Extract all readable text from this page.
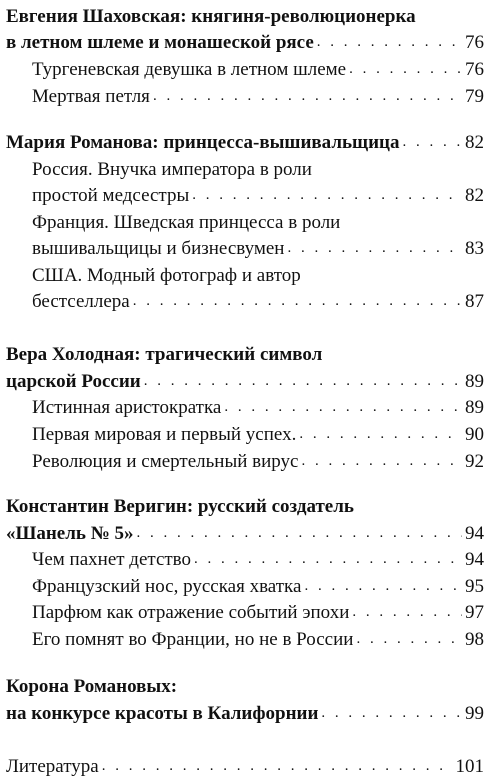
Евгения Шаховская: княгиня-революционерка
в летном шлеме и монашеской рясе . . .	76
Тургеневская девушка в летном шлеме . . .	76
Мертвая петля . . .	79
Мария Романова: принцесса-вышивальщица . . .	82
Россия. Внучка императора в роли
простой медсестры . . .	82
Франция. Шведская принцесса в роли
вышивальщицы и бизнесвумен . . .	83
США. Модный фотограф и автор
бестселлера . . .	87
Вера Холодная: трагический символ
царской России . . .	89
Истинная аристократка . . .	89
Первая мировая и первый успех. . . .	90
Революция и смертельный вирус . . .	92
Константин Веригин: русский создатель
«Шанель № 5» . . .	94
Чем пахнет детство . . .	94
Французский нос, русская хватка . . .	95
Парфюм как отражение событий эпохи . . .	97
Его помнят во Франции, но не в России . . .	98
Корона Романовых:
на конкурсе красоты в Калифорнии . . .	99
Литература . . .	101
